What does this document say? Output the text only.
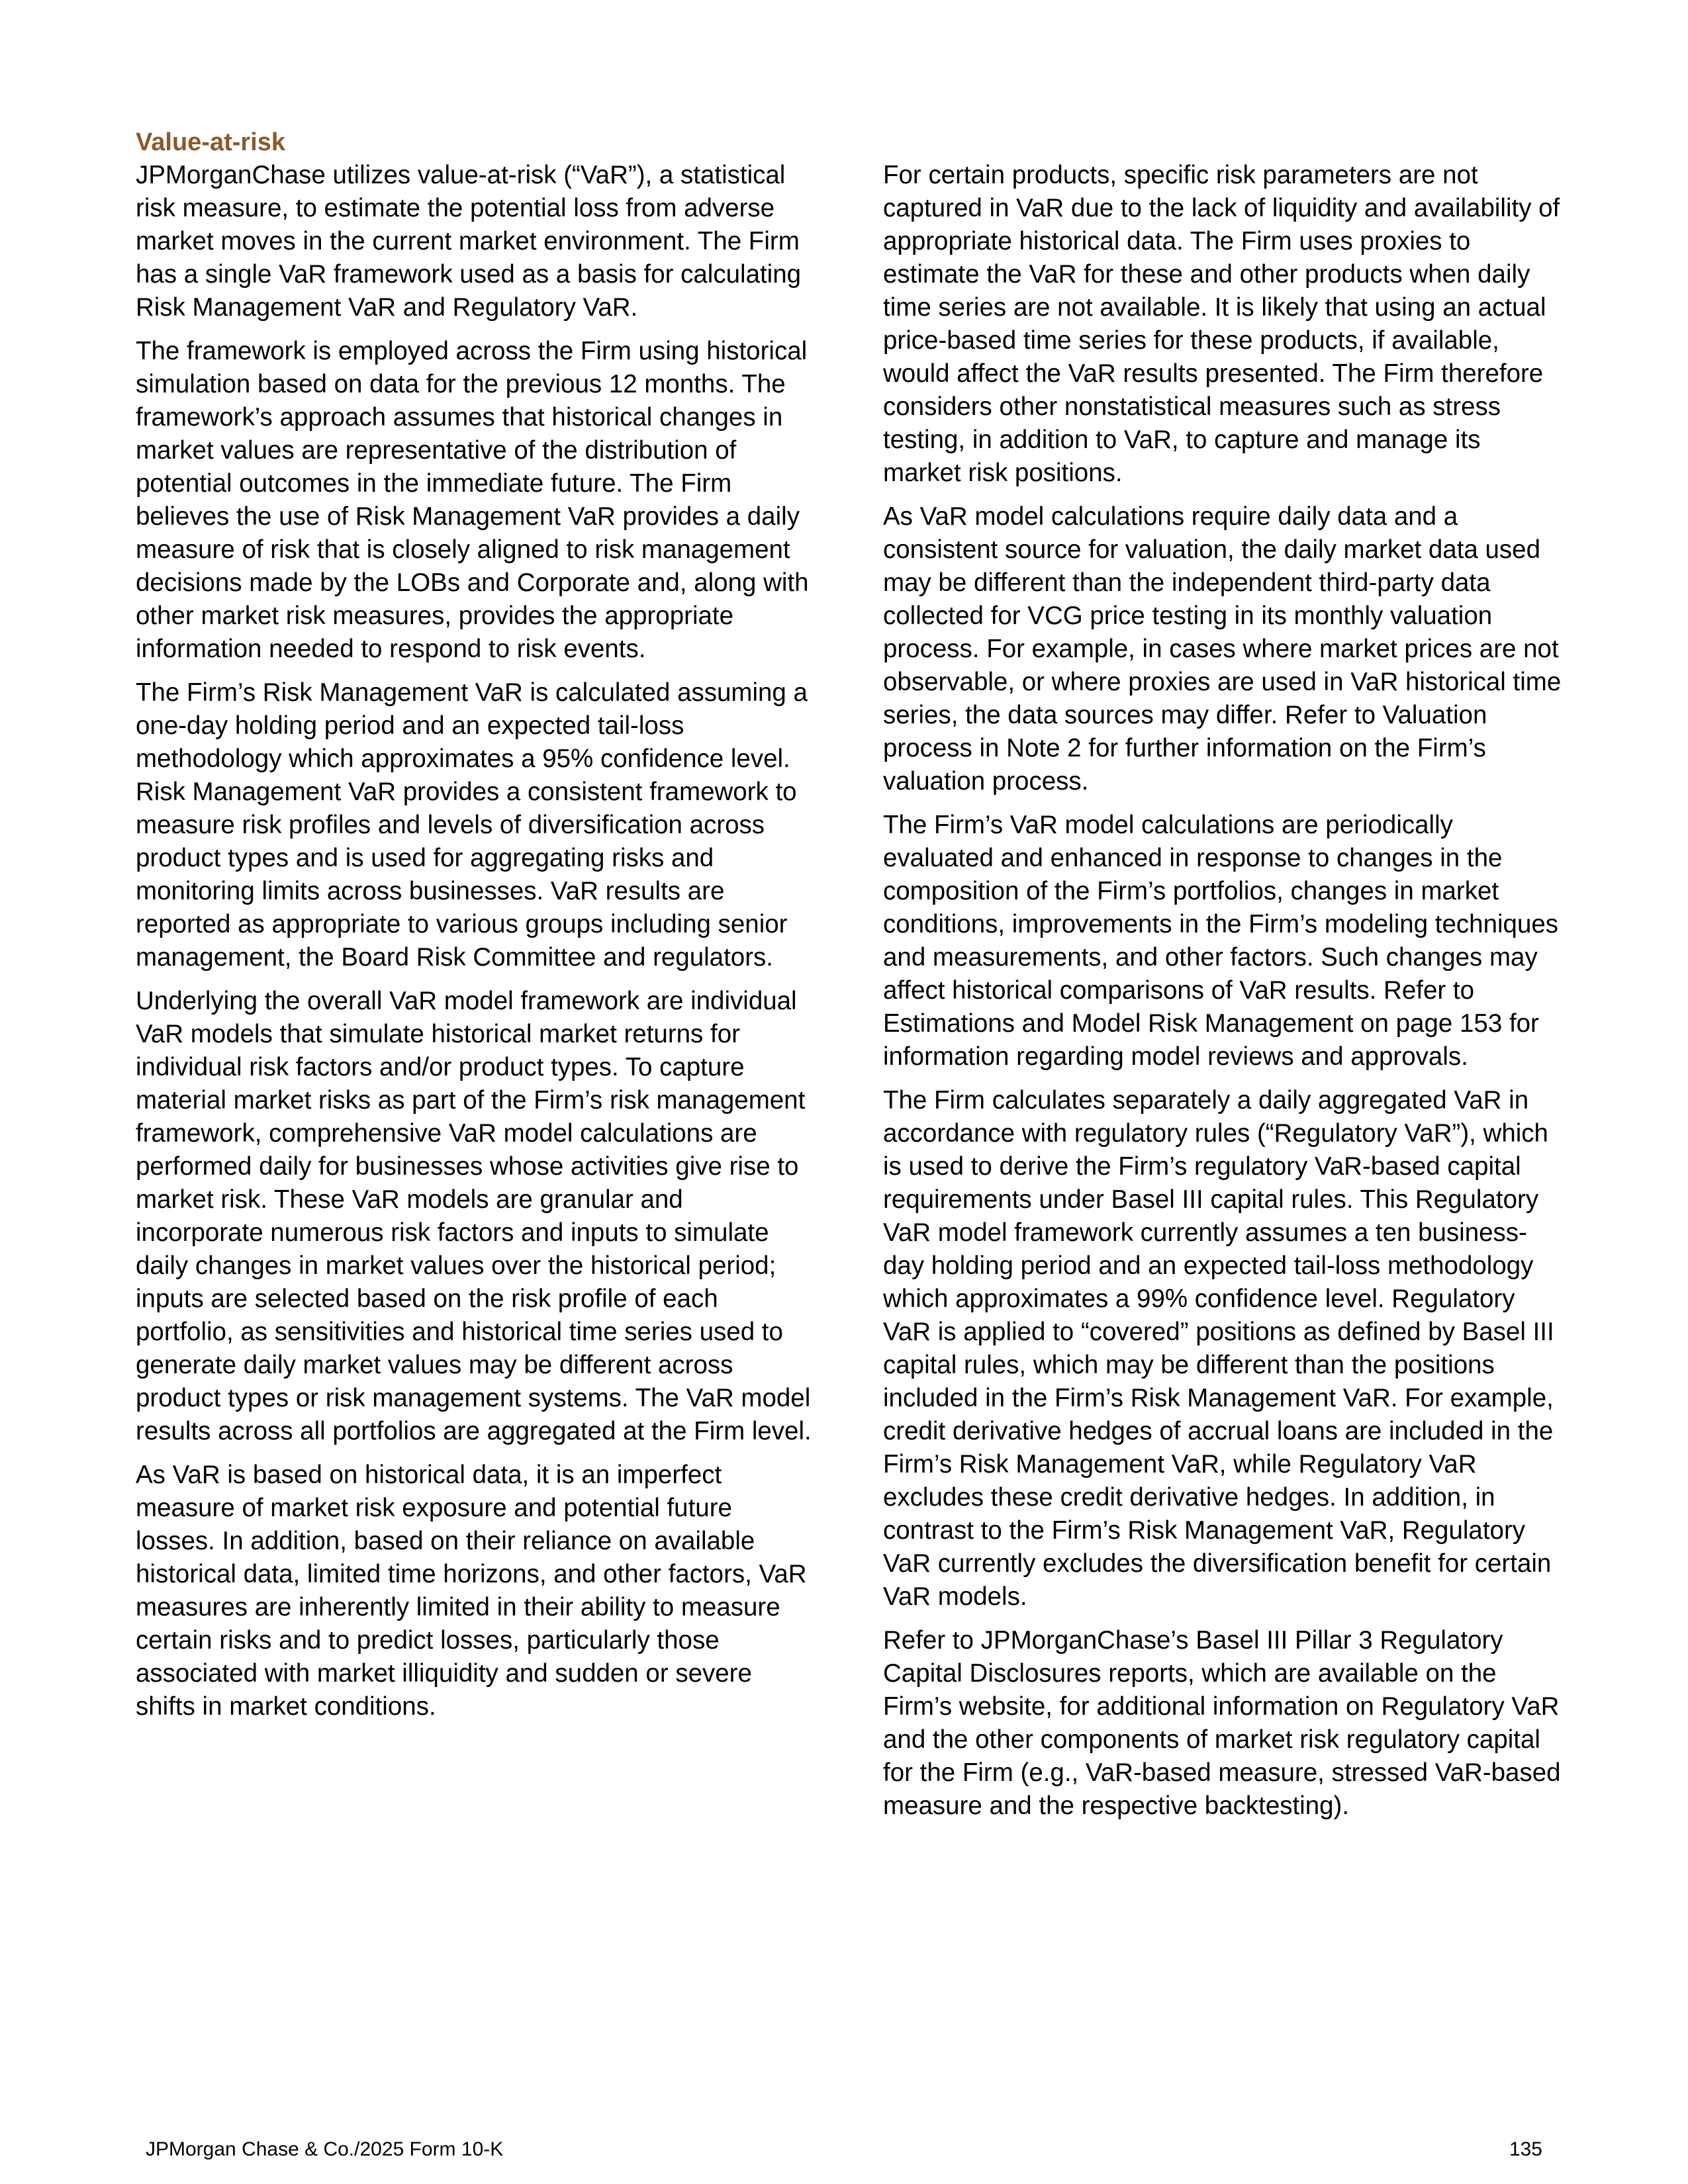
Value-at-risk

JPMorganChase utilizes value-at-risk (“VaR”), a statistical risk measure, to estimate the potential loss from adverse market moves in the current market environment. The Firm has a single VaR framework used as a basis for calculating Risk Management VaR and Regulatory VaR.

The framework is employed across the Firm using historical simulation based on data for the previous 12 months. The framework’s approach assumes that historical changes in market values are representative of the distribution of potential outcomes in the immediate future. The Firm believes the use of Risk Management VaR provides a daily measure of risk that is closely aligned to risk management decisions made by the LOBs and Corporate and, along with other market risk measures, provides the appropriate information needed to respond to risk events.

The Firm’s Risk Management VaR is calculated assuming a one-day holding period and an expected tail-loss methodology which approximates a 95% confidence level. Risk Management VaR provides a consistent framework to measure risk profiles and levels of diversification across product types and is used for aggregating risks and monitoring limits across businesses. VaR results are reported as appropriate to various groups including senior management, the Board Risk Committee and regulators.

Underlying the overall VaR model framework are individual VaR models that simulate historical market returns for individual risk factors and/or product types. To capture material market risks as part of the Firm’s risk management framework, comprehensive VaR model calculations are performed daily for businesses whose activities give rise to market risk. These VaR models are granular and incorporate numerous risk factors and inputs to simulate daily changes in market values over the historical period; inputs are selected based on the risk profile of each portfolio, as sensitivities and historical time series used to generate daily market values may be different across product types or risk management systems. The VaR model results across all portfolios are aggregated at the Firm level.

As VaR is based on historical data, it is an imperfect measure of market risk exposure and potential future losses. In addition, based on their reliance on available historical data, limited time horizons, and other factors, VaR measures are inherently limited in their ability to measure certain risks and to predict losses, particularly those associated with market illiquidity and sudden or severe shifts in market conditions.

For certain products, specific risk parameters are not captured in VaR due to the lack of liquidity and availability of appropriate historical data. The Firm uses proxies to estimate the VaR for these and other products when daily time series are not available. It is likely that using an actual price-based time series for these products, if available, would affect the VaR results presented. The Firm therefore considers other nonstatistical measures such as stress testing, in addition to VaR, to capture and manage its market risk positions.

As VaR model calculations require daily data and a consistent source for valuation, the daily market data used may be different than the independent third-party data collected for VCG price testing in its monthly valuation process. For example, in cases where market prices are not observable, or where proxies are used in VaR historical time series, the data sources may differ. Refer to Valuation process in Note 2 for further information on the Firm’s valuation process.

The Firm’s VaR model calculations are periodically evaluated and enhanced in response to changes in the composition of the Firm’s portfolios, changes in market conditions, improvements in the Firm’s modeling techniques and measurements, and other factors. Such changes may affect historical comparisons of VaR results. Refer to Estimations and Model Risk Management on page 153 for information regarding model reviews and approvals.

The Firm calculates separately a daily aggregated VaR in accordance with regulatory rules (“Regulatory VaR”), which is used to derive the Firm’s regulatory VaR-based capital requirements under Basel III capital rules. This Regulatory VaR model framework currently assumes a ten business-day holding period and an expected tail-loss methodology which approximates a 99% confidence level. Regulatory VaR is applied to “covered” positions as defined by Basel III capital rules, which may be different than the positions included in the Firm’s Risk Management VaR. For example, credit derivative hedges of accrual loans are included in the Firm’s Risk Management VaR, while Regulatory VaR excludes these credit derivative hedges. In addition, in contrast to the Firm’s Risk Management VaR, Regulatory VaR currently excludes the diversification benefit for certain VaR models.

Refer to JPMorganChase’s Basel III Pillar 3 Regulatory Capital Disclosures reports, which are available on the Firm’s website, for additional information on Regulatory VaR and the other components of market risk regulatory capital for the Firm (e.g., VaR-based measure, stressed VaR-based measure and the respective backtesting).

JPMorgan Chase & Co./2025 Form 10-K	135
